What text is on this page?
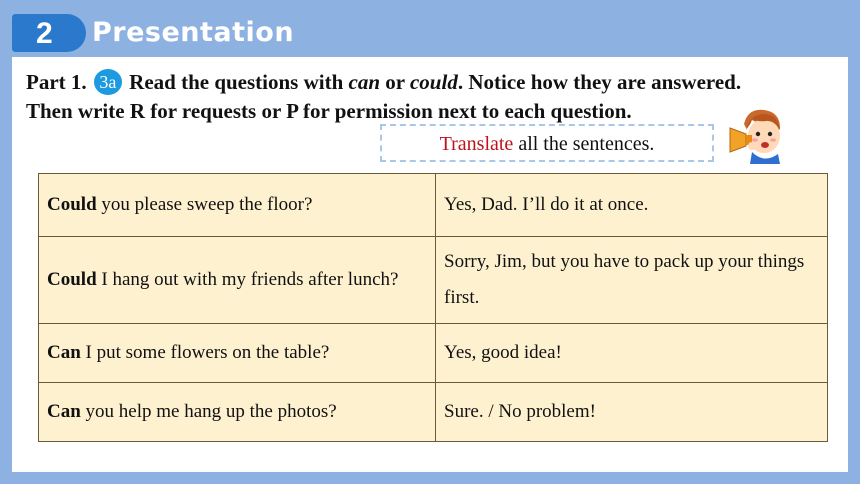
2 Presentation
Part 1. 3a Read the questions with can or could. Notice how they are answered.
Then write R for requests or P for permission next to each question.
Translate all the sentences.
Could you please sweep the floor?	Yes, Dad. I’ll do it at once.
Could I hang out with my friends after lunch?	Sorry, Jim, but you have to pack up your things first.
Can I put some flowers on the table?	Yes, good idea!
Can you help me hang up the photos?	Sure. / No problem!
